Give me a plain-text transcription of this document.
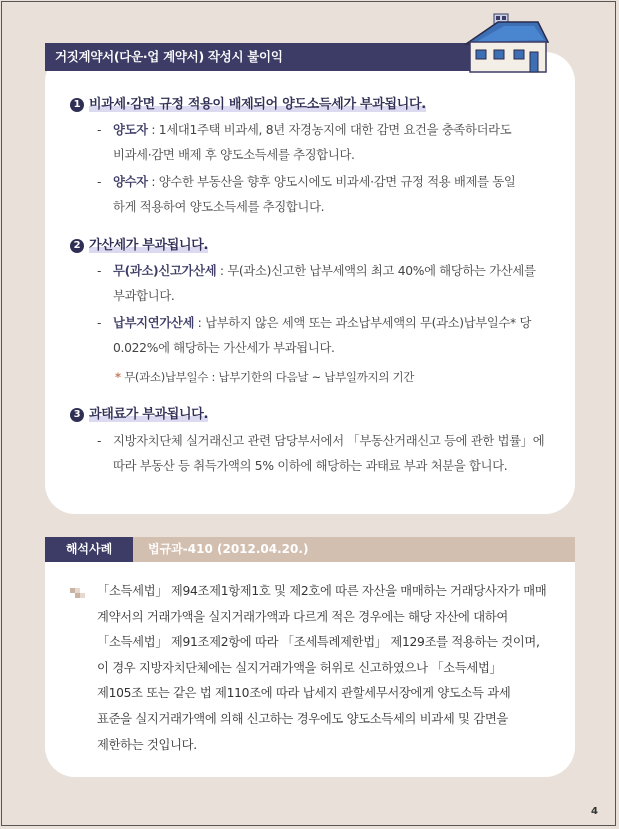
거짓계약서(다운·업 계약서) 작성시 불이익
1 비과세·감면 규정 적용이 배제되어 양도소득세가 부과됩니다.
- 양도자 : 1세대1주택 비과세, 8년 자경농지에 대한 감면 요건을 충족하더라도
비과세·감면 배제 후 양도소득세를 추징합니다.
- 양수자 : 양수한 부동산을 향후 양도시에도 비과세·감면 규정 적용 배제를 동일
하게 적용하여 양도소득세를 추징합니다.
2 가산세가 부과됩니다.
- 무(과소)신고가산세 : 무(과소)신고한 납부세액의 최고 40%에 해당하는 가산세를
부과합니다.
- 납부지연가산세 : 납부하지 않은 세액 또는 과소납부세액의 무(과소)납부일수* 당
0.022%에 해당하는 가산세가 부과됩니다.
* 무(과소)납부일수 : 납부기한의 다음날 ~ 납부일까지의 기간
3 과태료가 부과됩니다.
- 지방자치단체 실거래신고 관련 담당부서에서 「부동산거래신고 등에 관한 법률」에
따라 부동산 등 취득가액의 5% 이하에 해당하는 과태료 부과 처분을 합니다.
해석사례	법규과-410 (2012.04.20.)
「소득세법」 제94조제1항제1호 및 제2호에 따른 자산을 매매하는 거래당사자가 매매
계약서의 거래가액을 실지거래가액과 다르게 적은 경우에는 해당 자산에 대하여
「소득세법」 제91조제2항에 따라 「조세특례제한법」 제129조를 적용하는 것이며,
이 경우 지방자치단체에는 실지거래가액을 허위로 신고하였으나 「소득세법」
제105조 또는 같은 법 제110조에 따라 납세지 관할세무서장에게 양도소득 과세
표준을 실지거래가액에 의해 신고하는 경우에도 양도소득세의 비과세 및 감면을
제한하는 것입니다.
4
